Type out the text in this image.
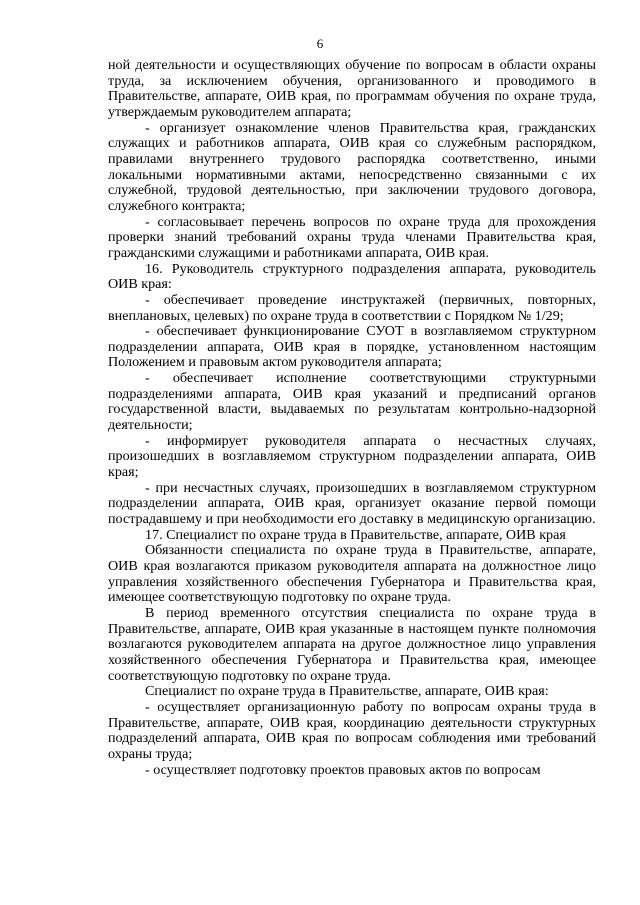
6

ной деятельности и осуществляющих обучение по вопросам в области охраны труда, за исключением обучения, организованного и проводимого в Правительстве, аппарате, ОИВ края, по программам обучения по охране труда, утверждаемым руководителем аппарата;

- организует ознакомление членов Правительства края, гражданских служащих и работников аппарата, ОИВ края со служебным распорядком, правилами внутреннего трудового распорядка соответственно, иными локальными нормативными актами, непосредственно связанными с их служебной, трудовой деятельностью, при заключении трудового договора, служебного контракта;

- согласовывает перечень вопросов по охране труда для прохождения проверки знаний требований охраны труда членами Правительства края, гражданскими служащими и работниками аппарата, ОИВ края.

16. Руководитель структурного подразделения аппарата, руководитель ОИВ края:

- обеспечивает проведение инструктажей (первичных, повторных, внеплановых, целевых) по охране труда в соответствии с Порядком № 1/29;

- обеспечивает функционирование СУОТ в возглавляемом структурном подразделении аппарата, ОИВ края в порядке, установленном настоящим Положением и правовым актом руководителя аппарата;

- обеспечивает исполнение соответствующими структурными подразделениями аппарата, ОИВ края указаний и предписаний органов государственной власти, выдаваемых по результатам контрольно-надзорной деятельности;

- информирует руководителя аппарата о несчастных случаях, произошедших в возглавляемом структурном подразделении аппарата, ОИВ края;

- при несчастных случаях, произошедших в возглавляемом структурном подразделении аппарата, ОИВ края, организует оказание первой помощи пострадавшему и при необходимости его доставку в медицинскую организацию.

17. Специалист по охране труда в Правительстве, аппарате, ОИВ края

Обязанности специалиста по охране труда в Правительстве, аппарате, ОИВ края возлагаются приказом руководителя аппарата на должностное лицо управления хозяйственного обеспечения Губернатора и Правительства края, имеющее соответствующую подготовку по охране труда.

В период временного отсутствия специалиста по охране труда в Правительстве, аппарате, ОИВ края указанные в настоящем пункте полномочия возлагаются руководителем аппарата на другое должностное лицо управления хозяйственного обеспечения Губернатора и Правительства края, имеющее соответствующую подготовку по охране труда.

Специалист по охране труда в Правительстве, аппарате, ОИВ края:

- осуществляет организационную работу по вопросам охраны труда в Правительстве, аппарате, ОИВ края, координацию деятельности структурных подразделений аппарата, ОИВ края по вопросам соблюдения ими требований охраны труда;

- осуществляет подготовку проектов правовых актов по вопросам
